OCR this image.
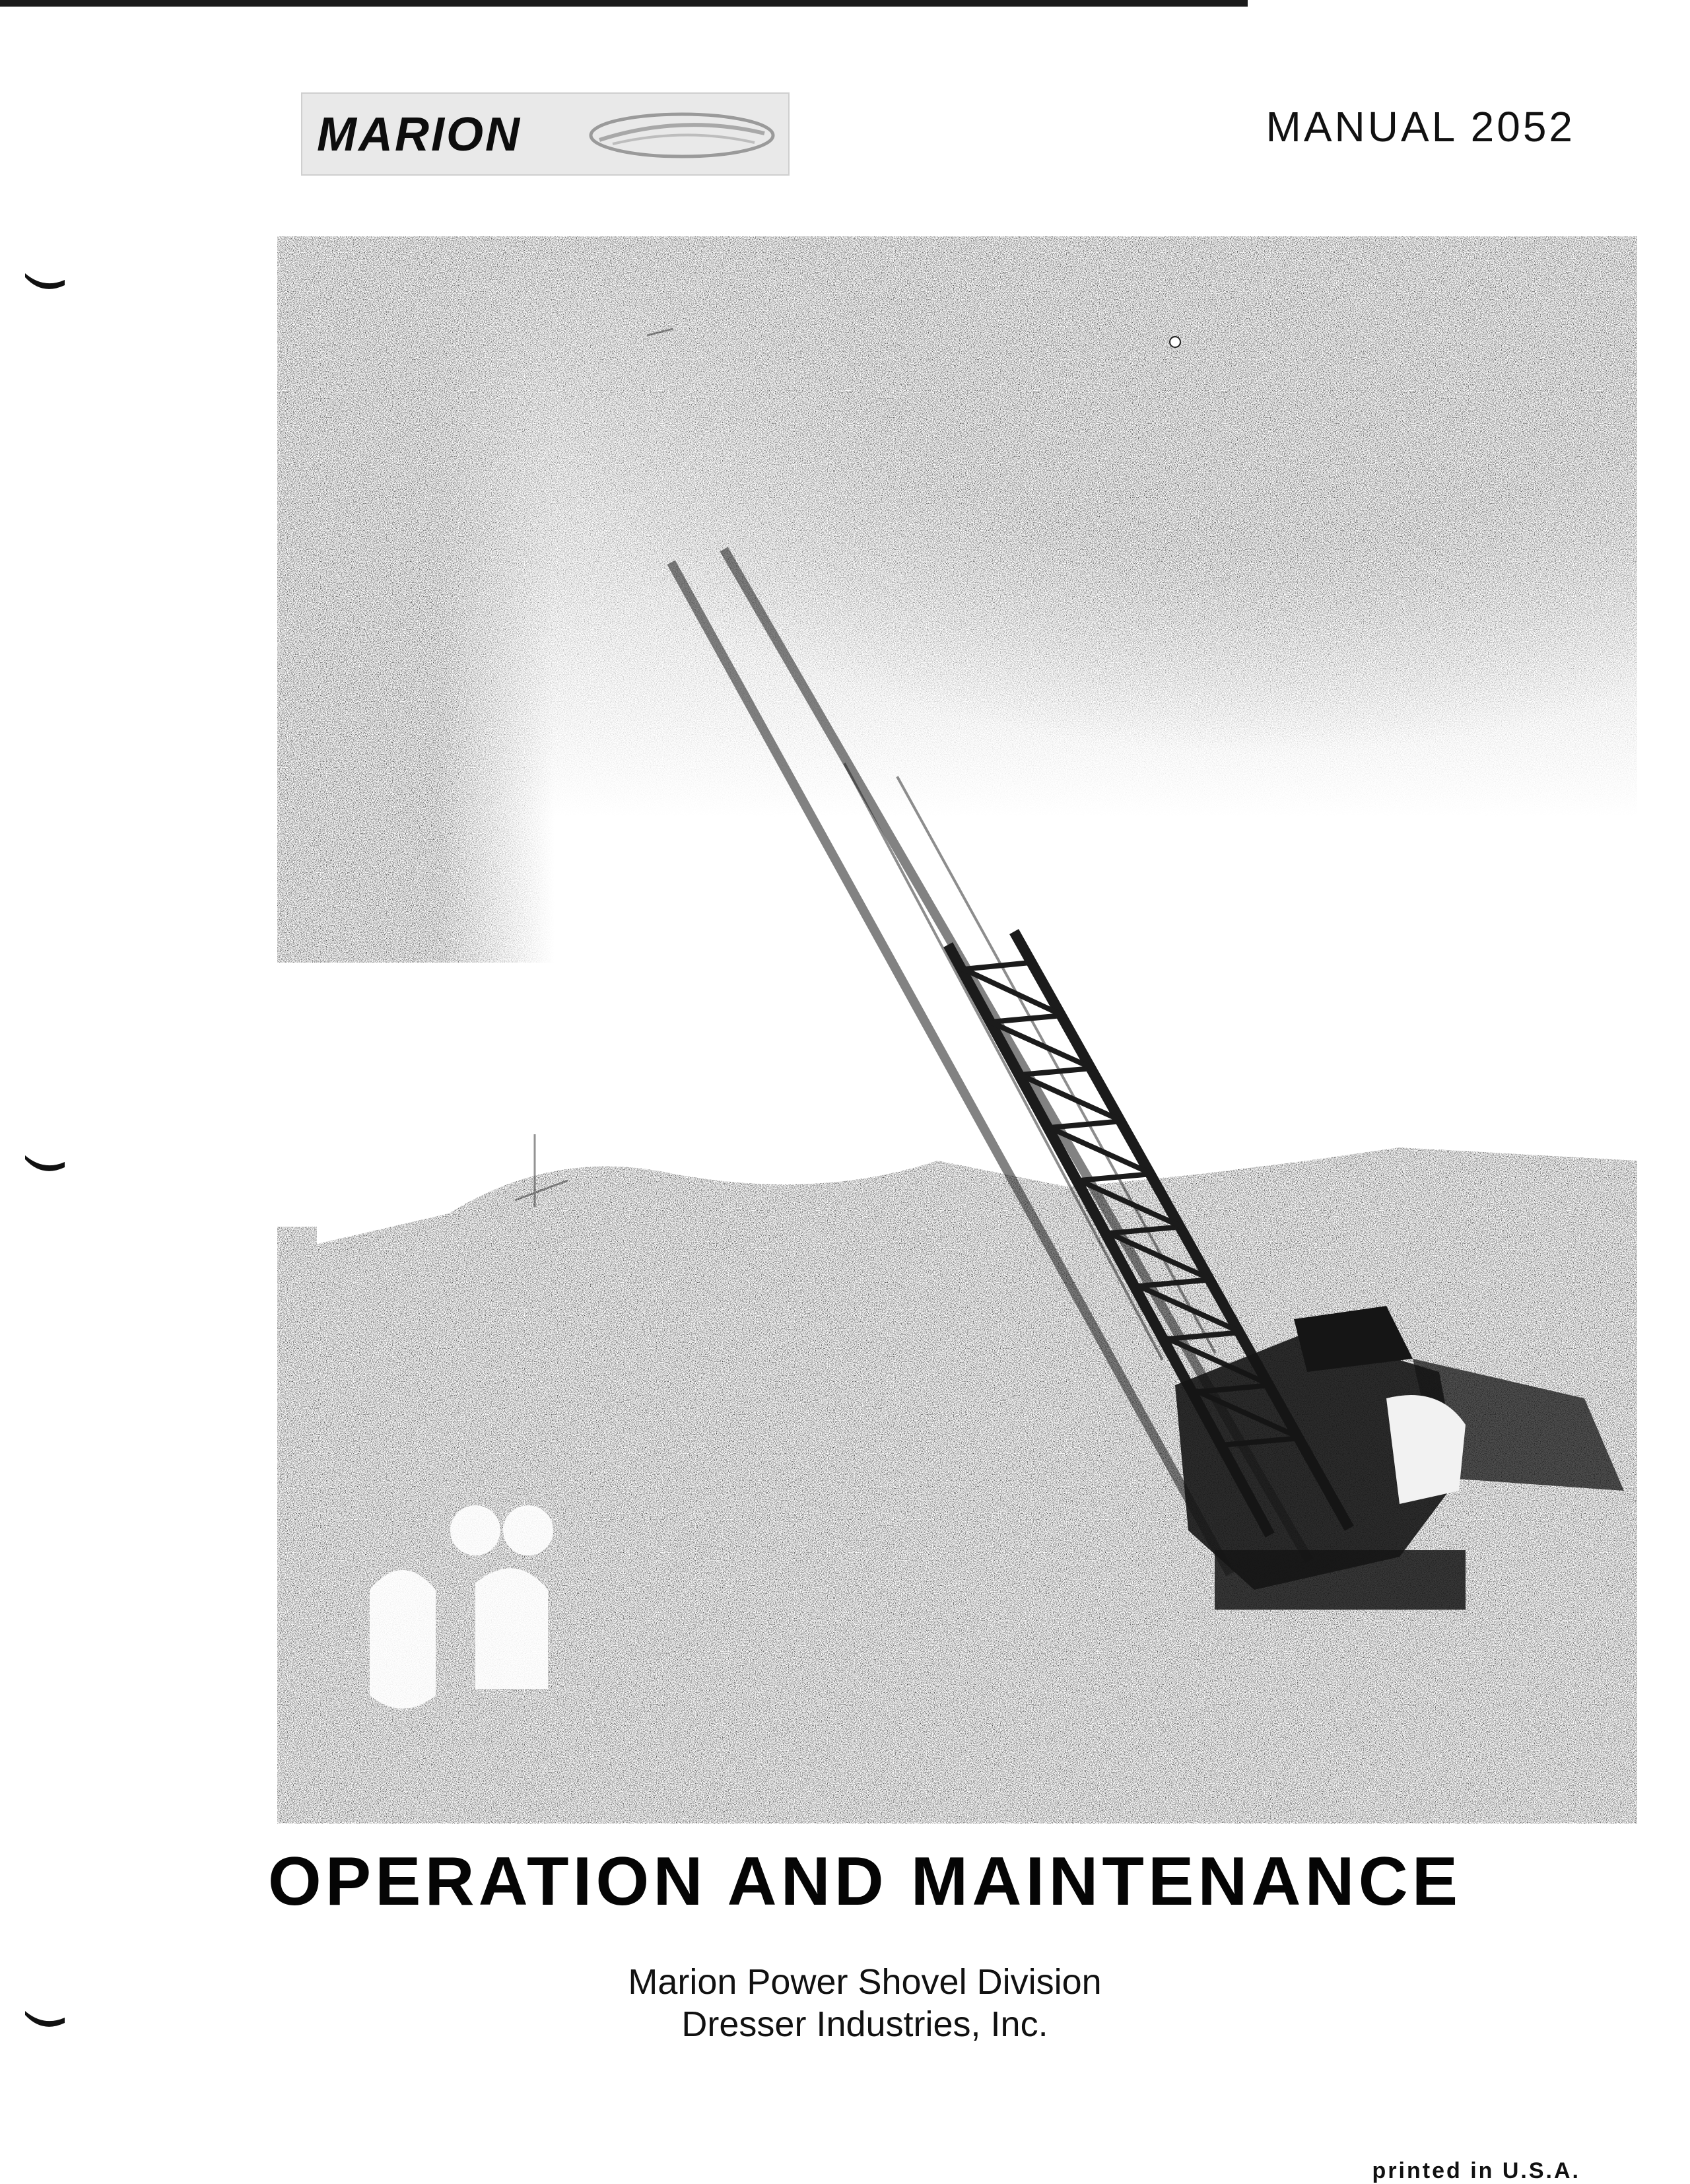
MARION	MANUAL 2052
OPERATION AND MAINTENANCE
Marion Power Shovel Division
Dresser Industries, Inc.
printed in U.S.A.
